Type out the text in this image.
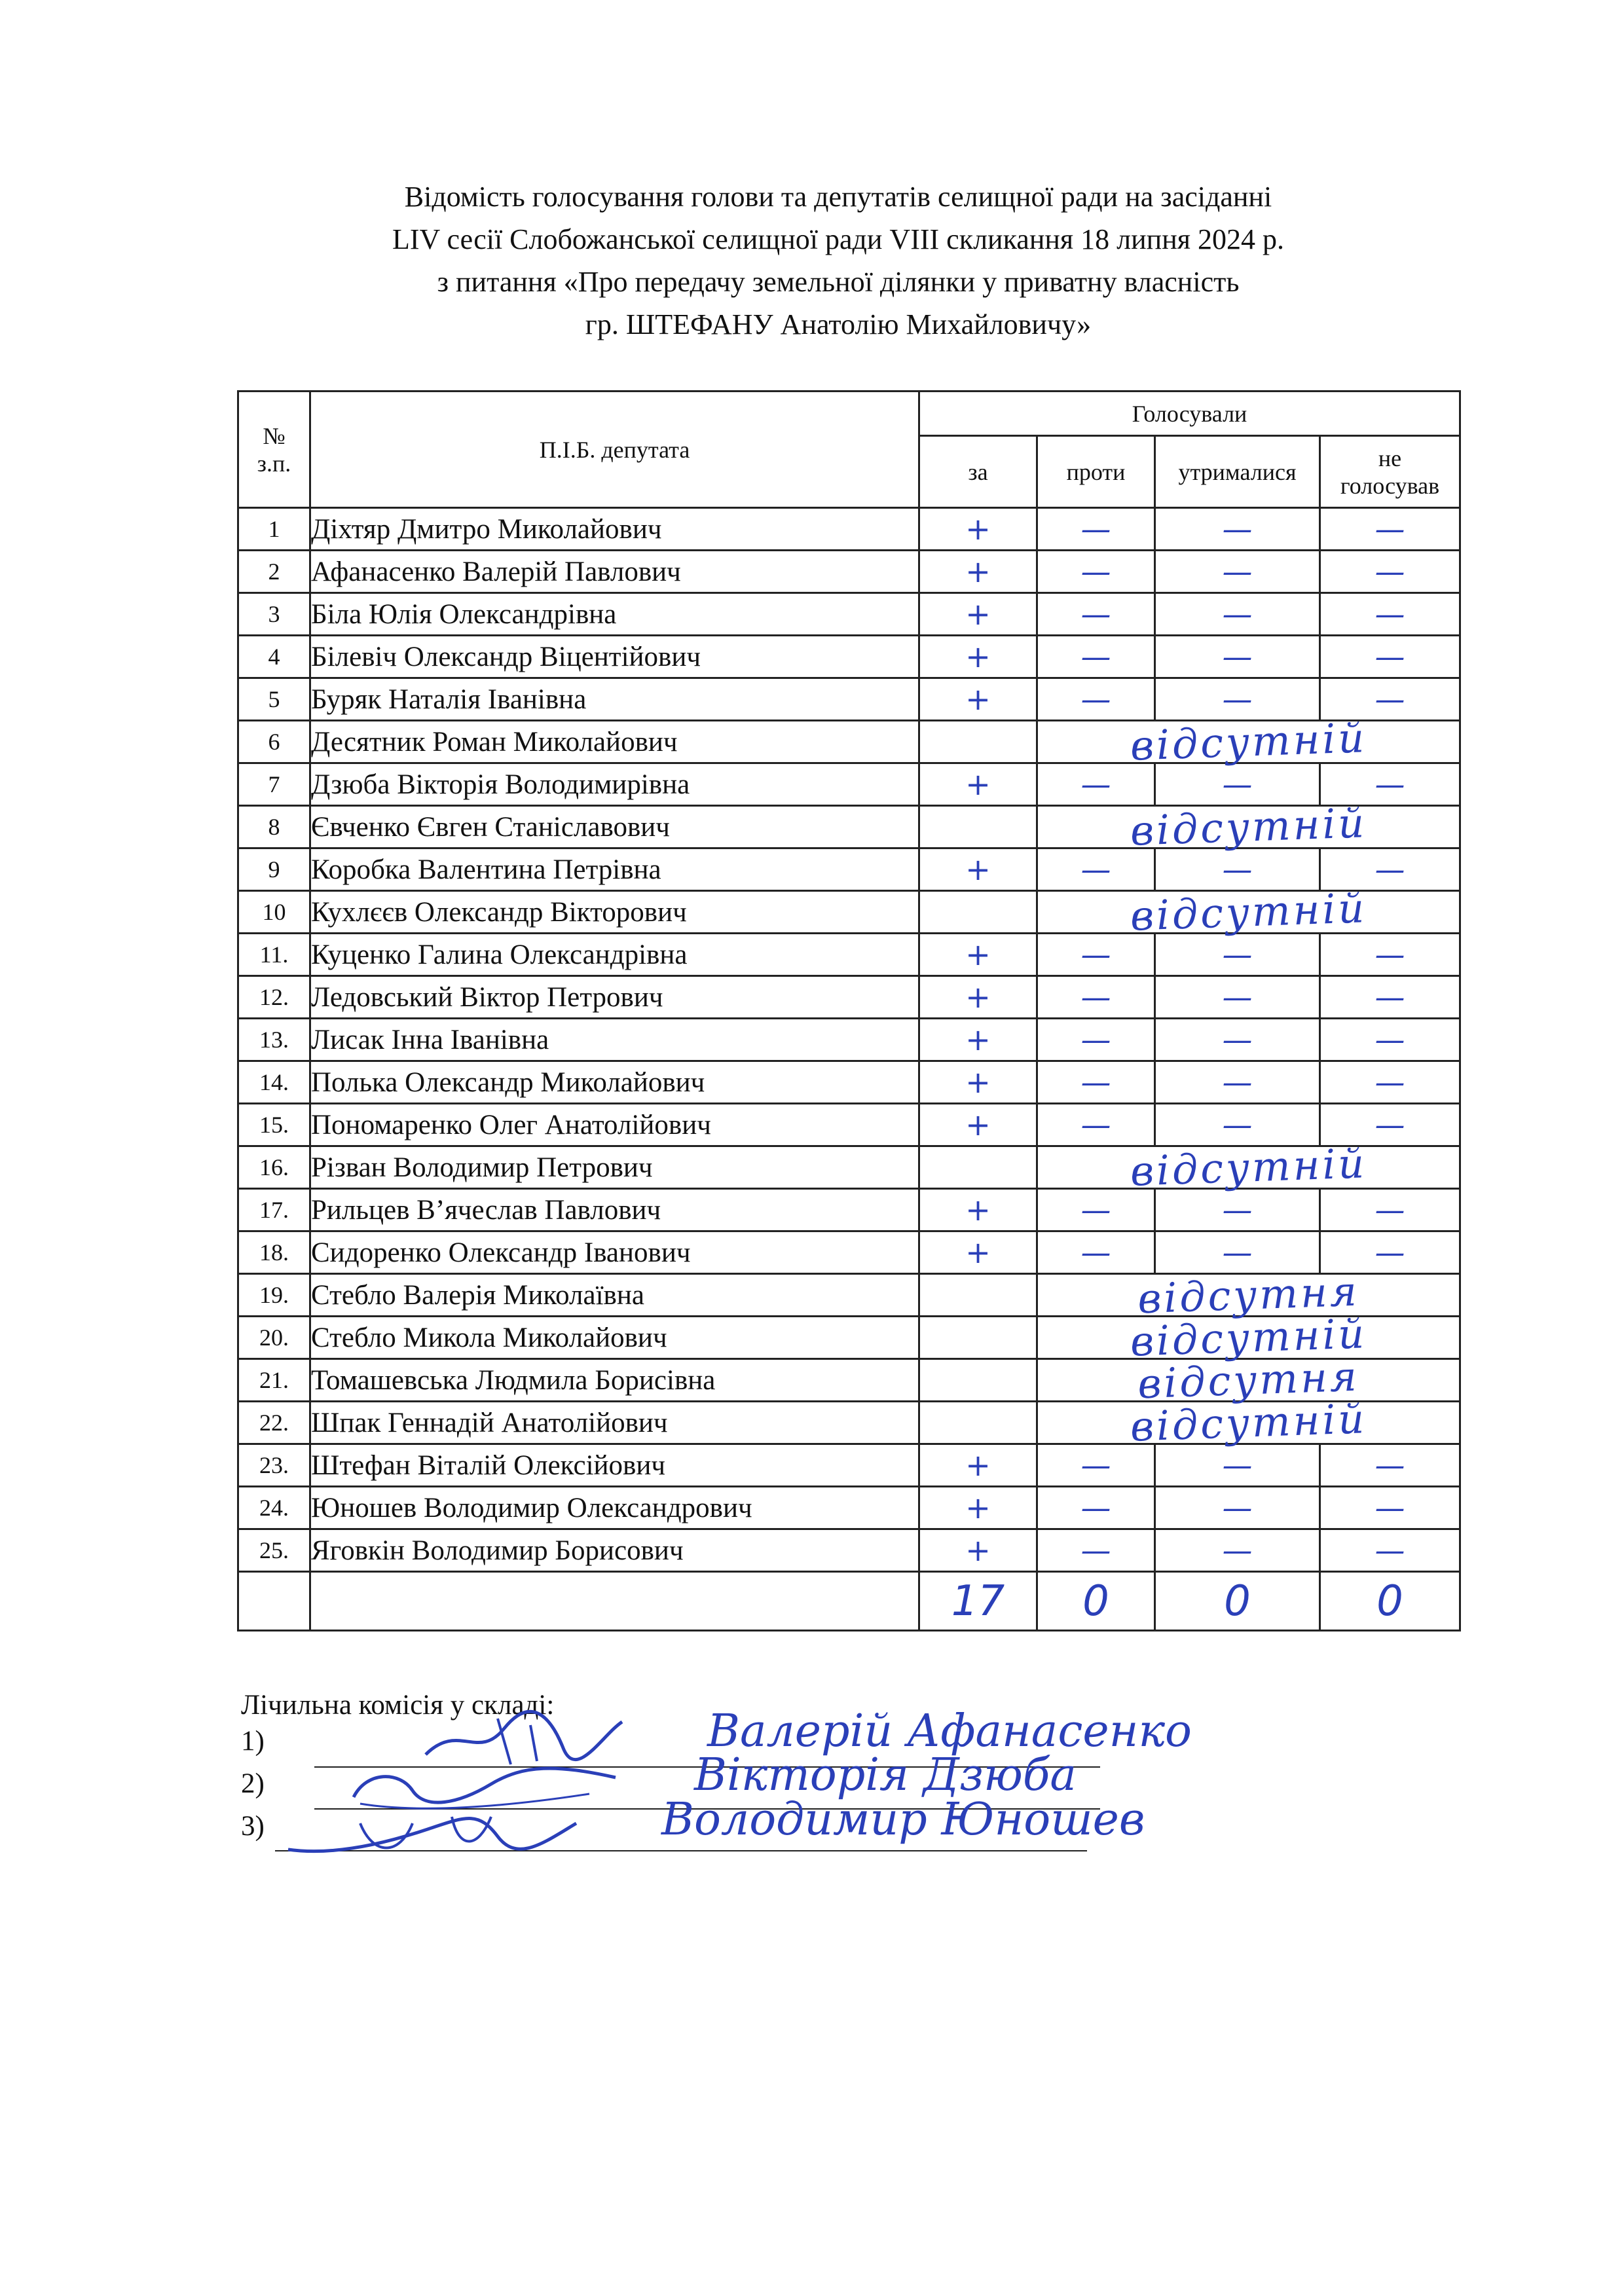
Відомість голосування голови та депутатів селищної ради на засіданні
LIV сесії Слобожанської селищної ради VIII скликання 18 липня 2024 р.
з питання «Про передачу земельної ділянки у приватну власність
гр. ШТЕФАНУ Анатолію Михайловичу»
№
з.п.	П.І.Б. депутата	Голосували			
		за	проти	утрималися	не
голосував
1	Діхтяр Дмитро Миколайович	+	—	—	—

2	Афанасенко Валерій Павлович	+	—	—	—

3	Біла Юлія Олександрівна	+	—	—	—

4	Білевіч Олександр Віцентійович	+	—	—	—

5	Буряк Наталія Іванівна	+	—	—	—

6	Десятник Роман Миколайович		відсутній		

7	Дзюба Вікторія Володимирівна	+	—	—	—

8	Євченко Євген Станіславович		відсутній		

9	Коробка Валентина Петрівна	+	—	—	—

10	Кухлєєв Олександр Вікторович		відсутній		

11.	Куценко Галина Олександрівна	+	—	—	—

12.	Ледовський Віктор Петрович	+	—	—	—

13.	Лисак Інна Іванівна	+	—	—	—

14.	Полька Олександр Миколайович	+	—	—	—

15.	Пономаренко Олег Анатолійович	+	—	—	—

16.	Різван Володимир Петрович		відсутній		

17.	Рильцев В’ячеслав Павлович	+	—	—	—

18.	Сидоренко Олександр Іванович	+	—	—	—

19.	Стебло Валерія Миколаївна		відсутня		

20.	Стебло Микола Миколайович		відсутній		

21.	Томашевська Людмила Борисівна		відсутня		

22.	Шпак Геннадій Анатолійович		відсутній		

23.	Штефан Віталій Олексійович	+	—	—	—

24.	Юношев Володимир Олександрович	+	—	—	—

25.	Яговкін Володимир Борисович	+	—	—	—

		17	0	0	0
Лічильна комісія у складі:
1)	Валерій Афанасенко
2)	Вікторія Дзюба
3)	Володимир Юношев
